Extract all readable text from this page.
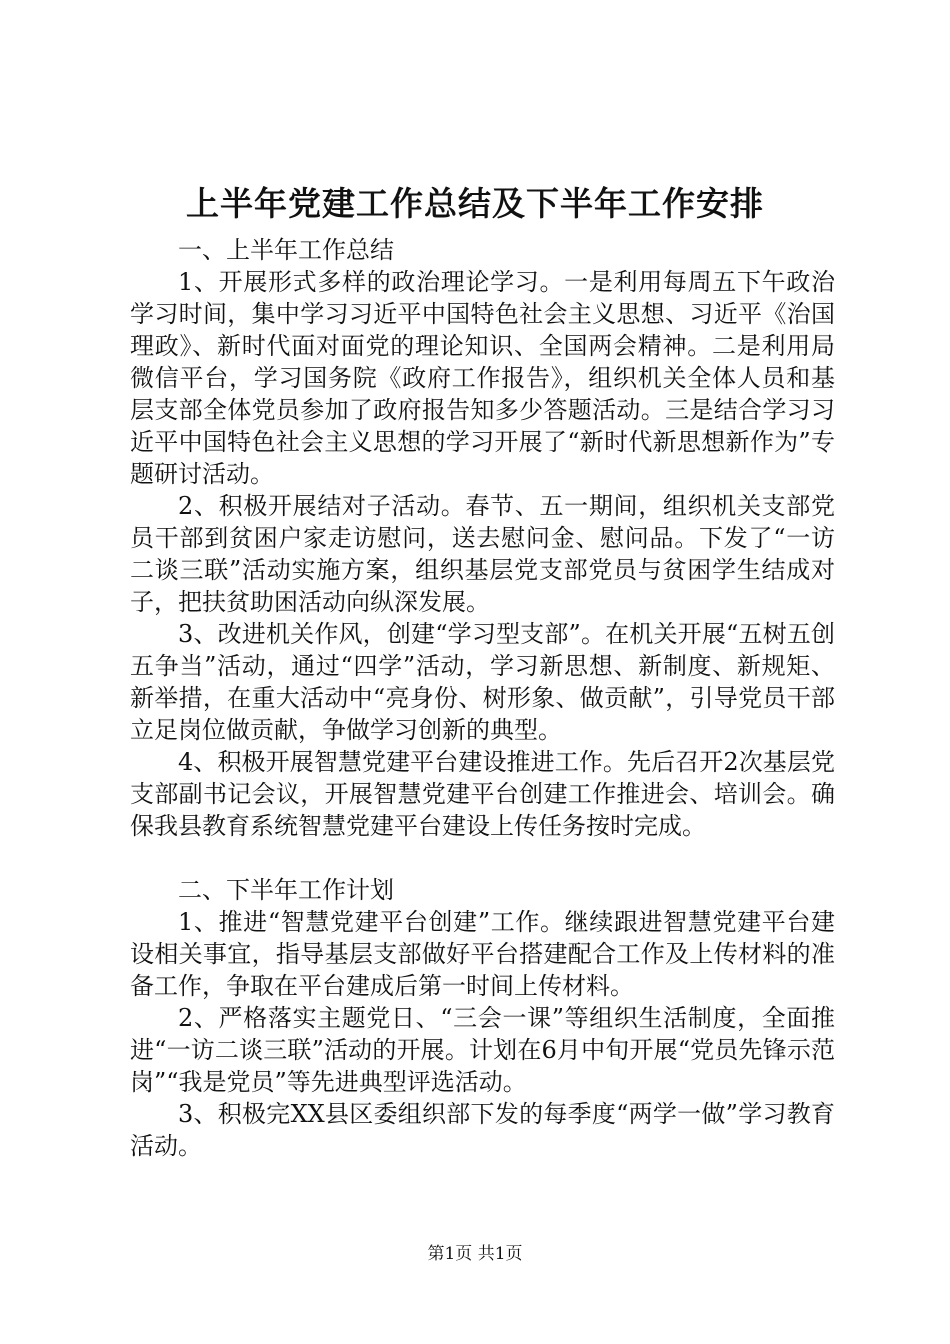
上半年党建工作总结及下半年工作安排

一、上半年工作总结

1、开展形式多样的政治理论学习。一是利用每周五下午政治学习时间，集中学习习近平中国特色社会主义思想、习近平《治国理政》、新时代面对面党的理论知识、全国两会精神。二是利用局微信平台，学习国务院《政府工作报告》，组织机关全体人员和基层支部全体党员参加了政府报告知多少答题活动。三是结合学习习近平中国特色社会主义思想的学习开展了“新时代新思想新作为”专题研讨活动。

2、积极开展结对子活动。春节、五一期间，组织机关支部党员干部到贫困户家走访慰问，送去慰问金、慰问品。下发了“一访二谈三联”活动实施方案，组织基层党支部党员与贫困学生结成对子，把扶贫助困活动向纵深发展。

3、改进机关作风，创建“学习型支部”。在机关开展“五树五创五争当”活动，通过“四学”活动，学习新思想、新制度、新规矩、新举措，在重大活动中“亮身份、树形象、做贡献”，引导党员干部立足岗位做贡献，争做学习创新的典型。

4、积极开展智慧党建平台建设推进工作。先后召开2次基层党支部副书记会议，开展智慧党建平台创建工作推进会、培训会。确保我县教育系统智慧党建平台建设上传任务按时完成。

二、下半年工作计划

1、推进“智慧党建平台创建”工作。继续跟进智慧党建平台建设相关事宜，指导基层支部做好平台搭建配合工作及上传材料的准备工作，争取在平台建成后第一时间上传材料。

2、严格落实主题党日、“三会一课”等组织生活制度，全面推进“一访二谈三联”活动的开展。计划在6月中旬开展“党员先锋示范岗”“我是党员”等先进典型评选活动。

3、积极完XX县区委组织部下发的每季度“两学一做”学习教育活动。

第1页 共1页
